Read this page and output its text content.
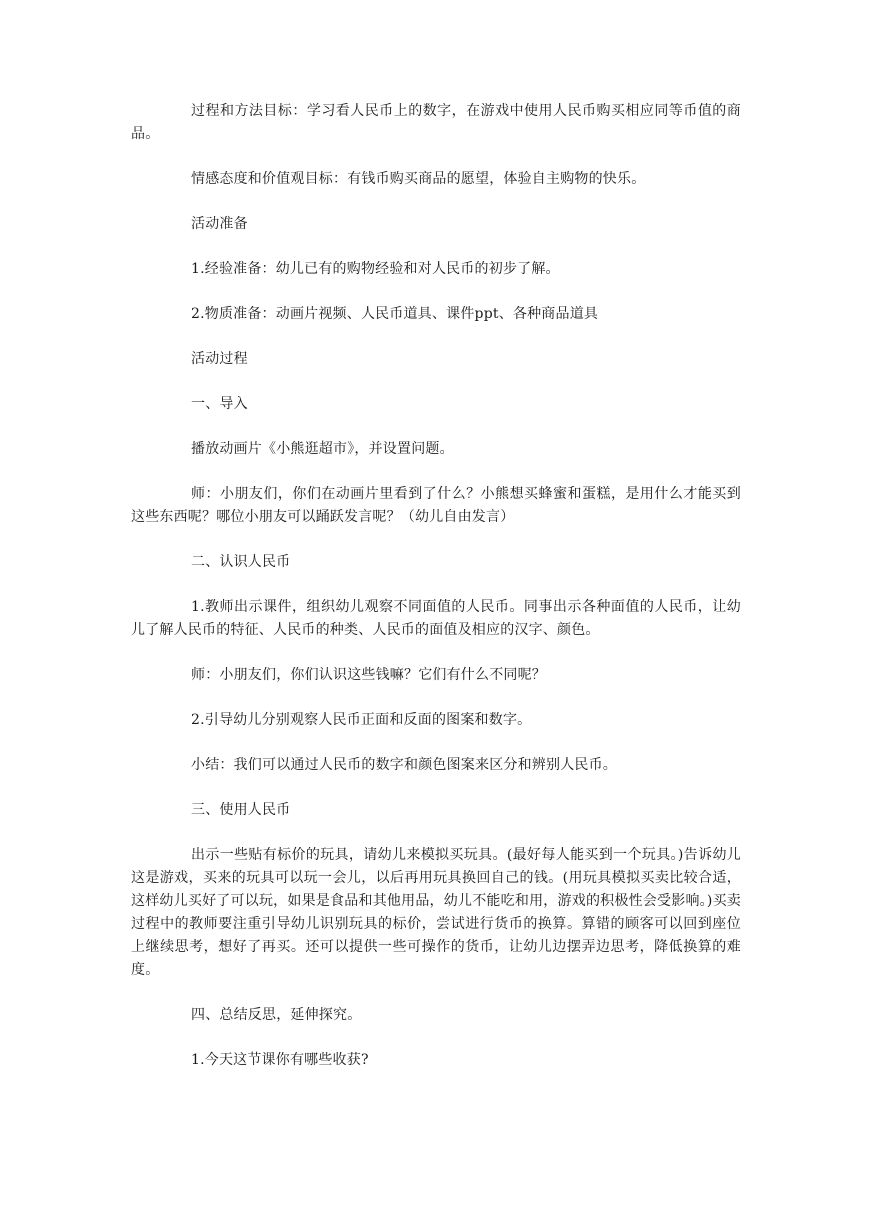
过程和方法目标：学习看人民币上的数字，在游戏中使用人民币购买相应同等币值的商品。

情感态度和价值观目标：有钱币购买商品的愿望，体验自主购物的快乐。

活动准备

1.经验准备：幼儿已有的购物经验和对人民币的初步了解。

2.物质准备：动画片视频、人民币道具、课件ppt、各种商品道具

活动过程

一、导入

播放动画片《小熊逛超市》，并设置问题。

师：小朋友们，你们在动画片里看到了什么？小熊想买蜂蜜和蛋糕，是用什么才能买到这些东西呢？哪位小朋友可以踊跃发言呢？（幼儿自由发言）

二、认识人民币

1.教师出示课件，组织幼儿观察不同面值的人民币。同事出示各种面值的人民币，让幼儿了解人民币的特征、人民币的种类、人民币的面值及相应的汉字、颜色。

师：小朋友们，你们认识这些钱嘛？它们有什么不同呢？

2.引导幼儿分别观察人民币正面和反面的图案和数字。

小结：我们可以通过人民币的数字和颜色图案来区分和辨别人民币。

三、使用人民币

出示一些贴有标价的玩具，请幼儿来模拟买玩具。(最好每人能买到一个玩具。)告诉幼儿这是游戏，买来的玩具可以玩一会儿，以后再用玩具换回自己的钱。(用玩具模拟买卖比较合适，这样幼儿买好了可以玩，如果是食品和其他用品，幼儿不能吃和用，游戏的积极性会受影响。)买卖过程中的教师要注重引导幼儿识别玩具的标价，尝试进行货币的换算。算错的顾客可以回到座位上继续思考，想好了再买。还可以提供一些可操作的货币，让幼儿边摆弄边思考，降低换算的难度。

四、总结反思，延伸探究。

1.今天这节课你有哪些收获?
